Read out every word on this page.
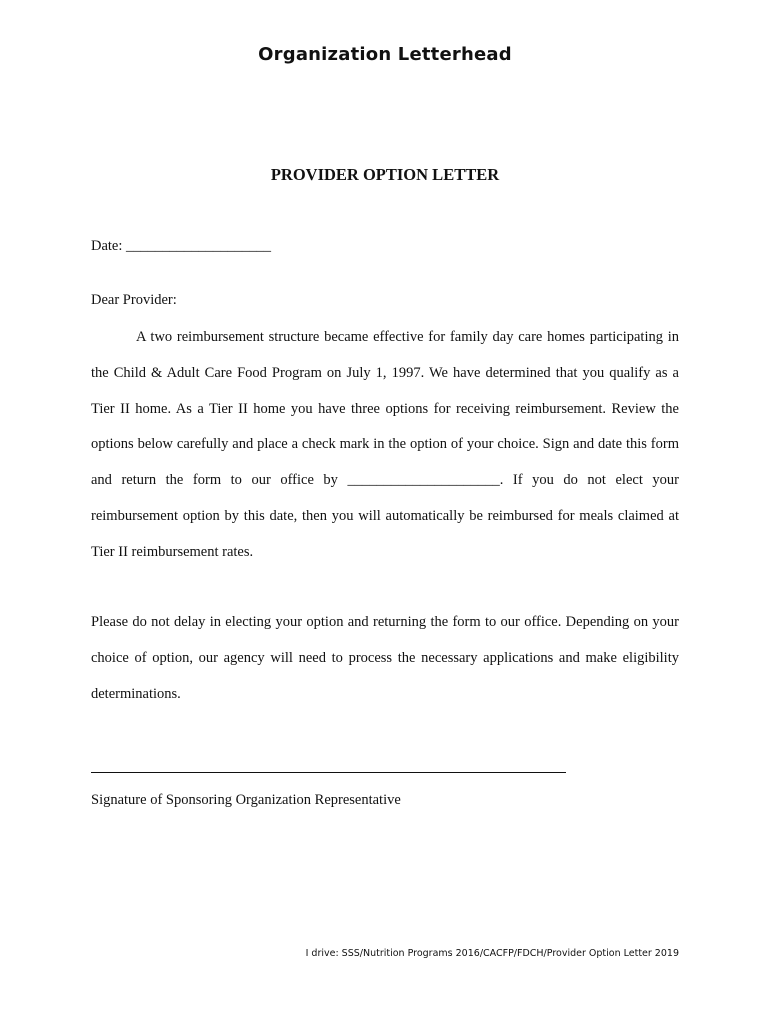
Organization Letterhead
PROVIDER OPTION LETTER
Date: ____________________
Dear Provider:

A two reimbursement structure became effective for family day care homes participating in the Child & Adult Care Food Program on July 1, 1997. We have determined that you qualify as a Tier II home. As a Tier II home you have three options for receiving reimbursement. Review the options below carefully and place a check mark in the option of your choice. Sign and date this form and return the form to our office by _____________________. If you do not elect your reimbursement option by this date, then you will automatically be reimbursed for meals claimed at Tier II reimbursement rates.

Please do not delay in electing your option and returning the form to our office. Depending on your choice of option, our agency will need to process the necessary applications and make eligibility determinations.

Signature of Sponsoring Organization Representative
I drive: SSS/Nutrition Programs 2016/CACFP/FDCH/Provider Option Letter 2019
